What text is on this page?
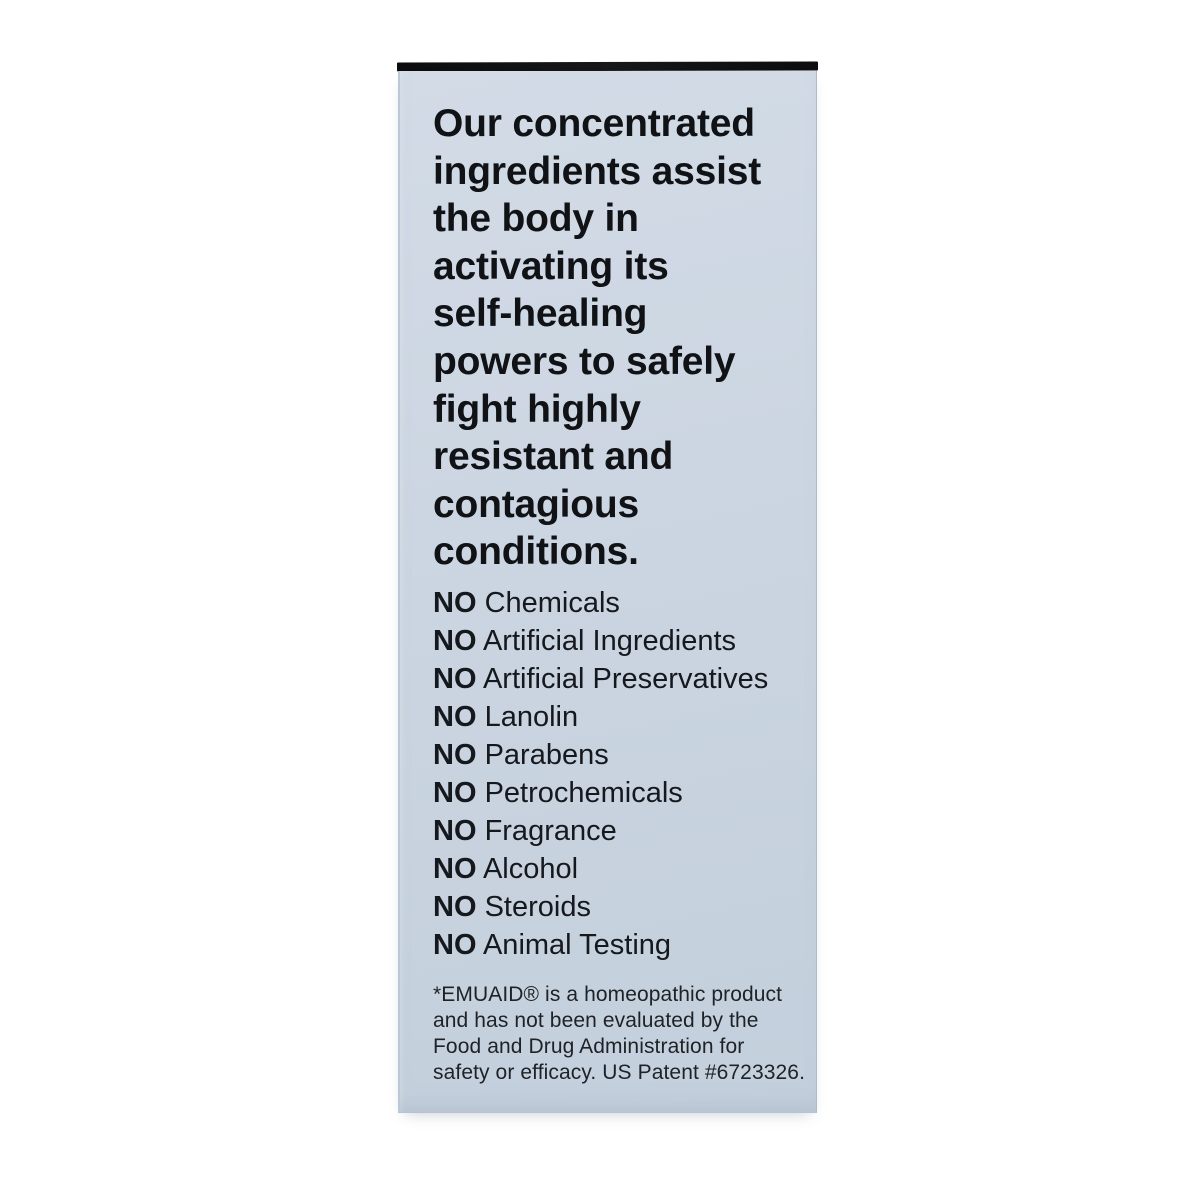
Our concentrated
ingredients assist
the body in
activating its
self-healing
powers to safely
fight highly
resistant and
contagious
conditions.
NO Chemicals
NO Artificial Ingredients
NO Artificial Preservatives
NO Lanolin
NO Parabens
NO Petrochemicals
NO Fragrance
NO Alcohol
NO Steroids
NO Animal Testing
*EMUAID® is a homeopathic product
and has not been evaluated by the
Food and Drug Administration for
safety or efficacy. US Patent #6723326.
